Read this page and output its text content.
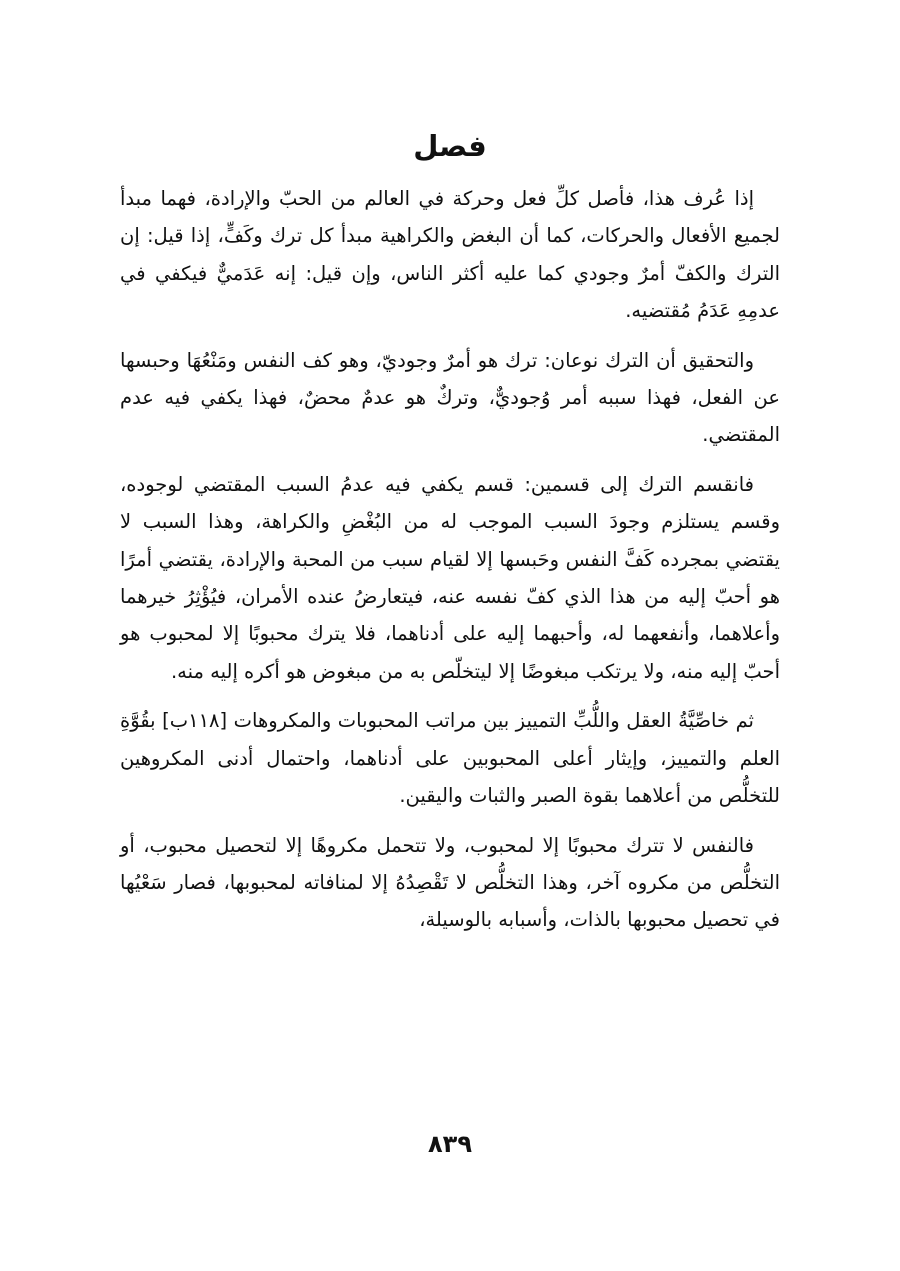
فصل

إذا عُرف هذا، فأصل كلِّ فعل وحركة في العالم من الحبّ والإرادة، فهما مبدأ لجميع الأفعال والحركات، كما أن البغض والكراهية مبدأ كل ترك وكَفٍّ، إذا قيل: إن الترك والكفّ أمرٌ وجودي كما عليه أكثر الناس، وإن قيل: إنه عَدَميٌّ فيكفي في عدمِهِ عَدَمُ مُقتضيه.

والتحقيق أن الترك نوعان: ترك هو أمرٌ وجوديّ، وهو كف النفس ومَنْعُهَا وحبسها عن الفعل، فهذا سببه أمر وُجوديٌّ، وتركٌ هو عدمٌ محضٌ، فهذا يكفي فيه عدم المقتضي.

فانقسم الترك إلى قسمين: قسم يكفي فيه عدمُ السبب المقتضي لوجوده، وقسم يستلزم وجودَ السبب الموجب له من البُغْضِ والكراهة، وهذا السبب لا يقتضي بمجرده كَفَّ النفس وحَبسها إلا لقيام سبب من المحبة والإرادة، يقتضي أمرًا هو أحبّ إليه من هذا الذي كفّ نفسه عنه، فيتعارضُ عنده الأمران، فيُؤْثِرُ خيرهما وأعلاهما، وأنفعهما له، وأحبهما إليه على أدناهما، فلا يترك محبوبًا إلا لمحبوب هو أحبّ إليه منه، ولا يرتكب مبغوضًا إلا ليتخلّص به من مبغوض هو أكره إليه منه.

ثم خاصِّيَّةُ العقل واللُّبِّ التمييز بين مراتب المحبوبات والمكروهات [١١٨ب] بقُوَّةِ العلم والتمييز، وإيثار أعلى المحبوبين على أدناهما، واحتمال أدنى المكروهين للتخلُّص من أعلاهما بقوة الصبر والثبات واليقين.

فالنفس لا تترك محبوبًا إلا لمحبوب، ولا تتحمل مكروهًا إلا لتحصيل محبوب، أو التخلُّص من مكروه آخر، وهذا التخلُّص لا تَقْصِدُهُ إلا لمنافاته لمحبوبها، فصار سَعْيُها في تحصيل محبوبها بالذات، وأسبابه بالوسيلة،

٨٣٩
